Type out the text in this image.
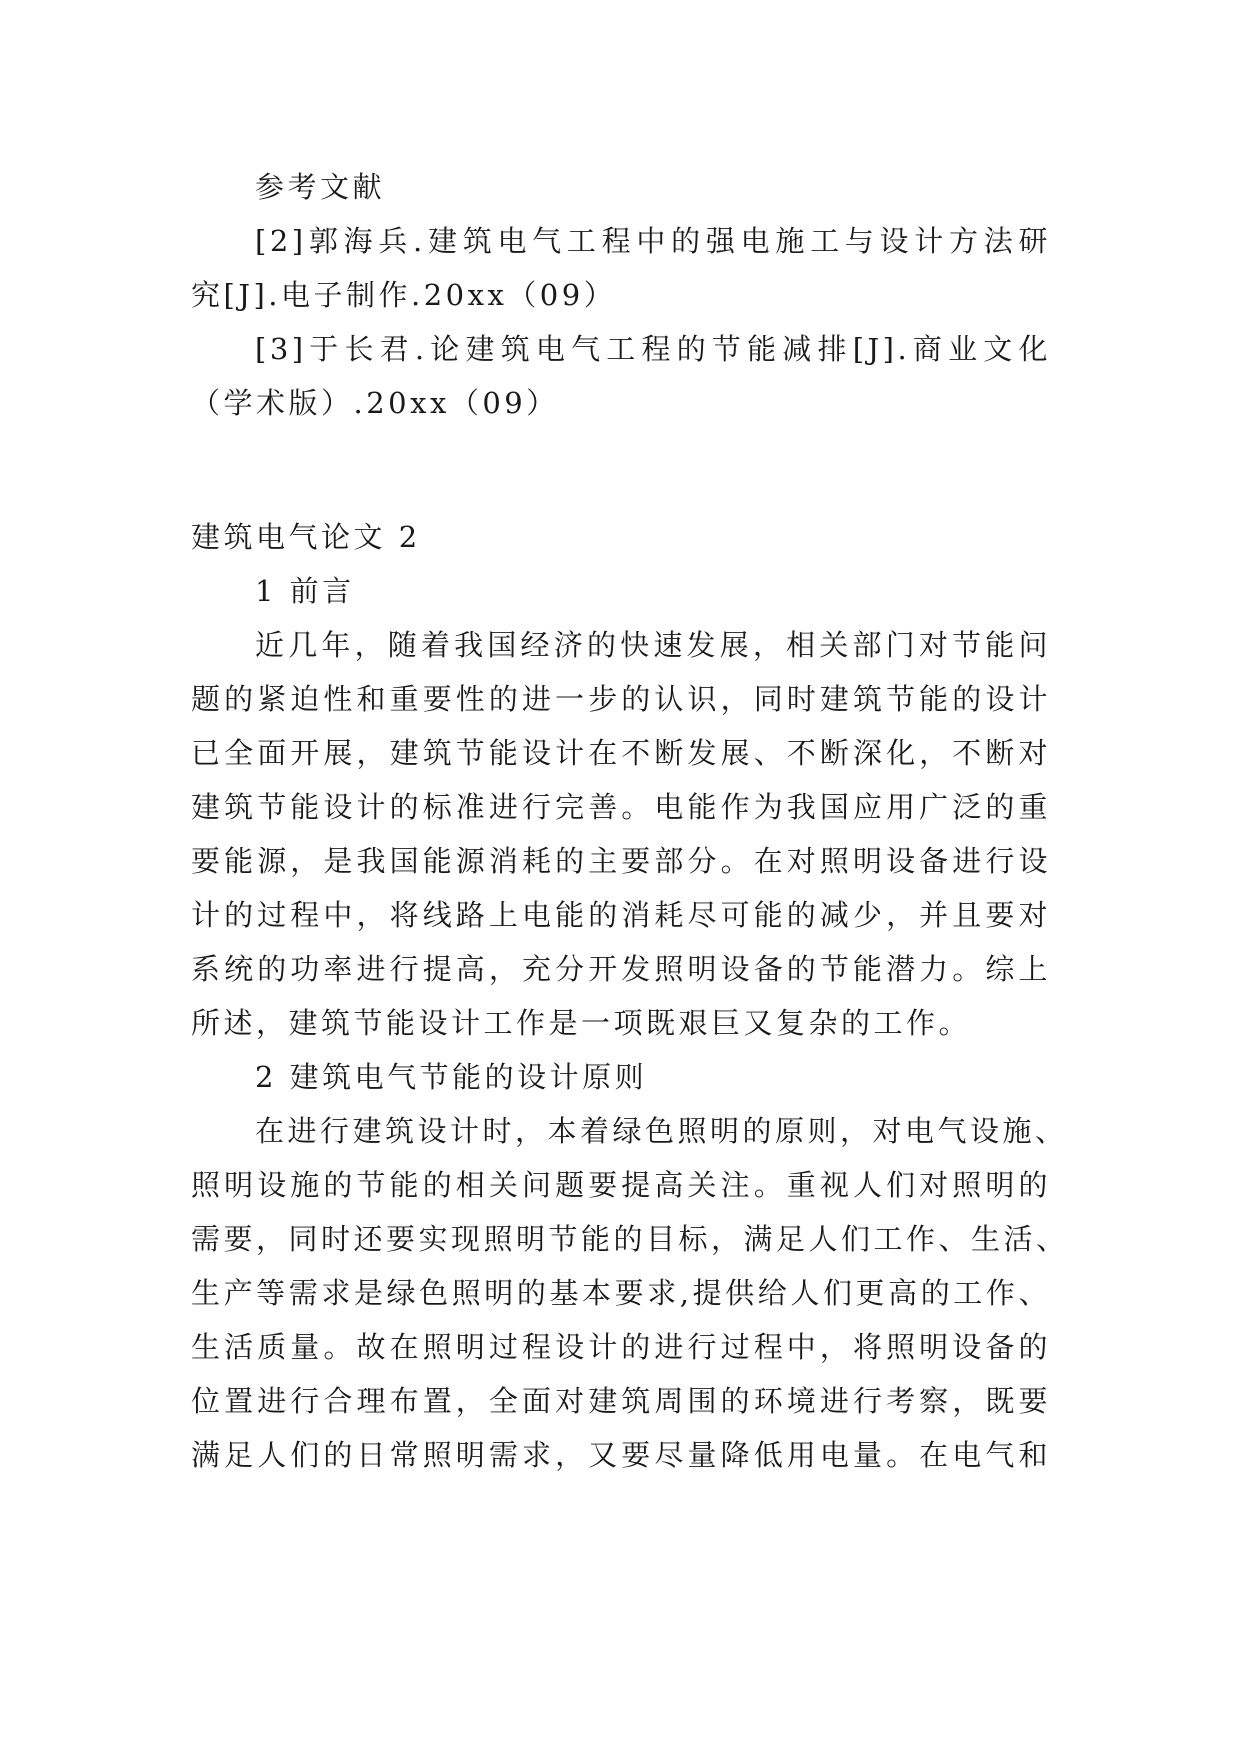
参考文献
[2]郭海兵.建筑电气工程中的强电施工与设计方法研
究[J].电子制作.20xx（09）
[3]于长君.论建筑电气工程的节能减排[J].商业文化
（学术版）.20xx（09）
建筑电气论文 2
1 前言
近几年，随着我国经济的快速发展，相关部门对节能问
题的紧迫性和重要性的进一步的认识，同时建筑节能的设计
已全面开展，建筑节能设计在不断发展、不断深化，不断对
建筑节能设计的标准进行完善。电能作为我国应用广泛的重
要能源，是我国能源消耗的主要部分。在对照明设备进行设
计的过程中，将线路上电能的消耗尽可能的减少，并且要对
系统的功率进行提高，充分开发照明设备的节能潜力。综上
所述，建筑节能设计工作是一项既艰巨又复杂的工作。
2 建筑电气节能的设计原则
在进行建筑设计时，本着绿色照明的原则，对电气设施、
照明设施的节能的相关问题要提高关注。重视人们对照明的
需要，同时还要实现照明节能的目标，满足人们工作、生活、
生产等需求是绿色照明的基本要求,提供给人们更高的工作、
生活质量。故在照明过程设计的进行过程中，将照明设备的
位置进行合理布置，全面对建筑周围的环境进行考察，既要
满足人们的日常照明需求，又要尽量降低用电量。在电气和
